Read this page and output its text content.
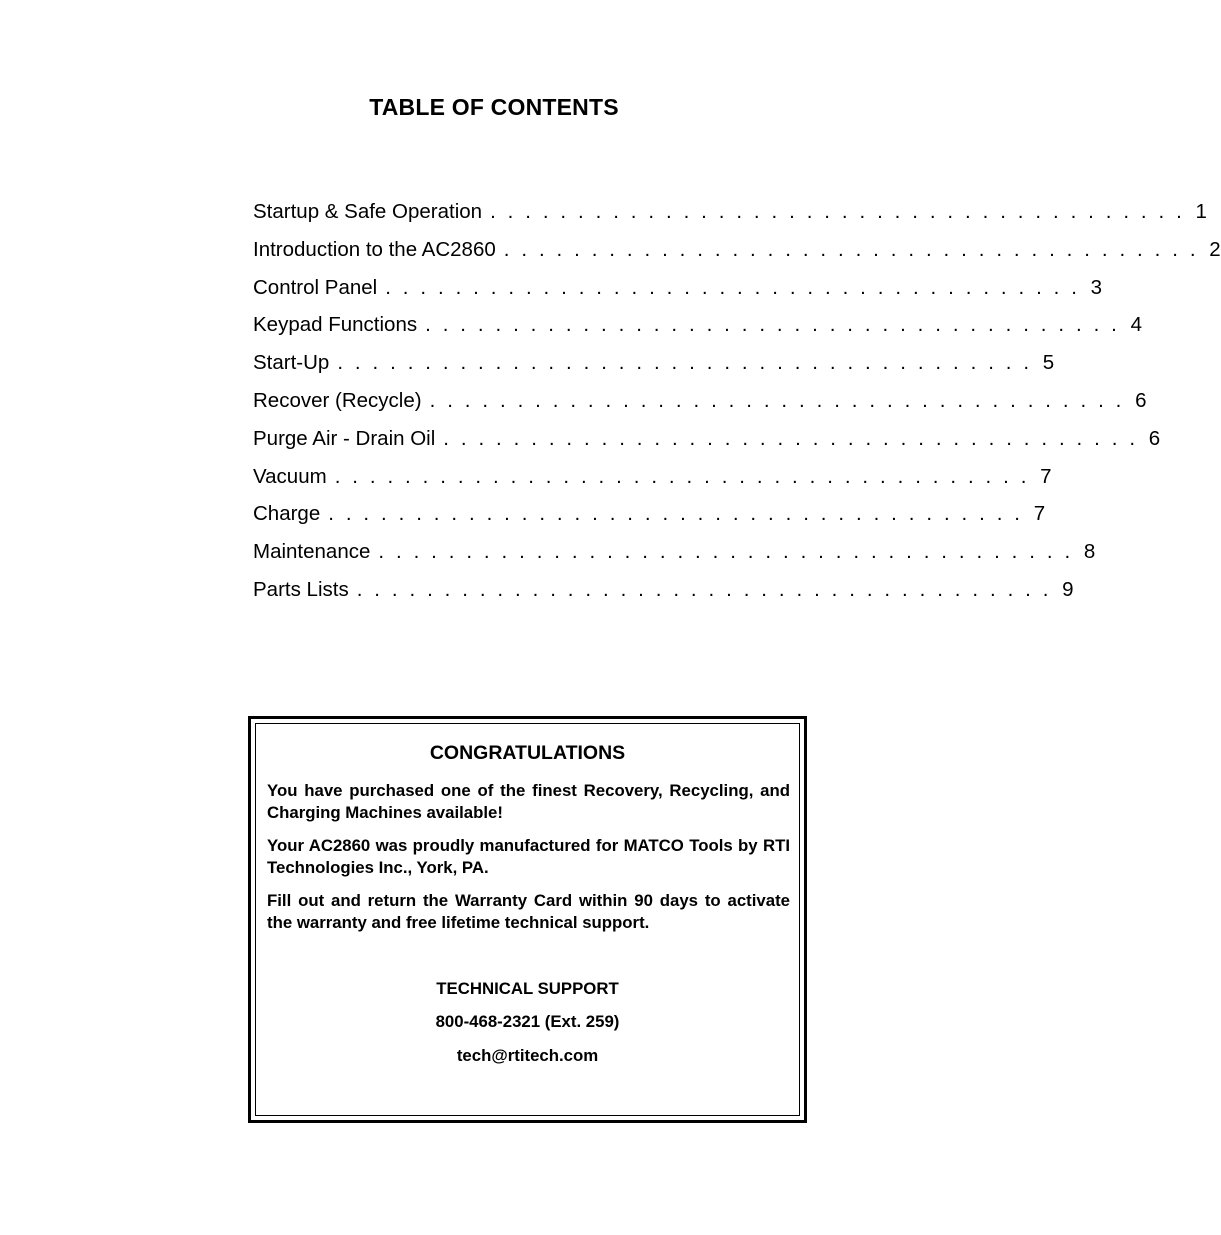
TABLE OF CONTENTS
Startup & Safe Operation . . . . . . . . . . . . . . . . . . . . . . . . . . . . . . . . . . . . . . . . 1
Introduction to the AC2860 . . . . . . . . . . . . . . . . . . . . . . . . . . . . . . . . . . . . . . . . 2
Control Panel . . . . . . . . . . . . . . . . . . . . . . . . . . . . . . . . . . . . . . . . 3
Keypad Functions . . . . . . . . . . . . . . . . . . . . . . . . . . . . . . . . . . . . . . . . 4
Start-Up . . . . . . . . . . . . . . . . . . . . . . . . . . . . . . . . . . . . . . . . 5
Recover (Recycle) . . . . . . . . . . . . . . . . . . . . . . . . . . . . . . . . . . . . . . . . 6
Purge Air - Drain Oil . . . . . . . . . . . . . . . . . . . . . . . . . . . . . . . . . . . . . . . . 6
Vacuum . . . . . . . . . . . . . . . . . . . . . . . . . . . . . . . . . . . . . . . . 7
Charge . . . . . . . . . . . . . . . . . . . . . . . . . . . . . . . . . . . . . . . . 7
Maintenance . . . . . . . . . . . . . . . . . . . . . . . . . . . . . . . . . . . . . . . . 8
Parts Lists . . . . . . . . . . . . . . . . . . . . . . . . . . . . . . . . . . . . . . . . 9
CONGRATULATIONS
You have purchased one of the finest Recovery, Recycling, and Charging Machines available!
Your AC2860 was proudly manufactured for MATCO Tools by RTI Technologies Inc., York, PA.
Fill out and return the Warranty Card within 90 days to activate the warranty and free lifetime technical support.
TECHNICAL SUPPORT
800-468-2321 (Ext. 259)
tech@rtitech.com
